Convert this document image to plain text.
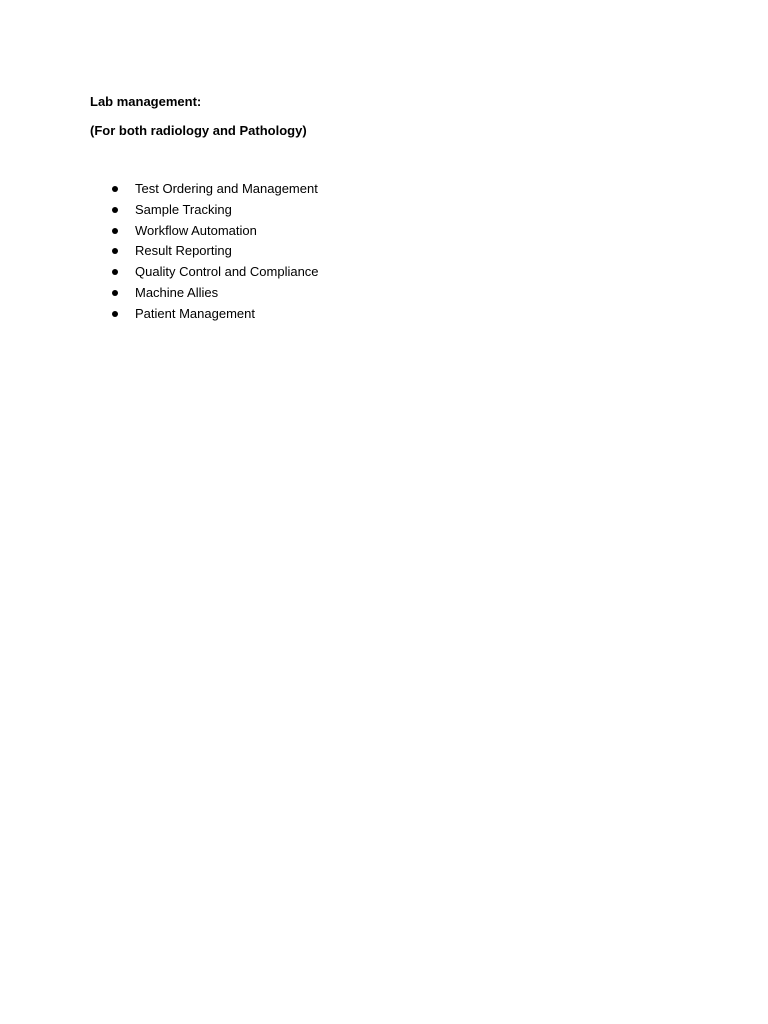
Lab management:
(For both radiology and Pathology)
Test Ordering and Management
Sample Tracking
Workflow Automation
Result Reporting
Quality Control and Compliance
Machine Allies
Patient Management
